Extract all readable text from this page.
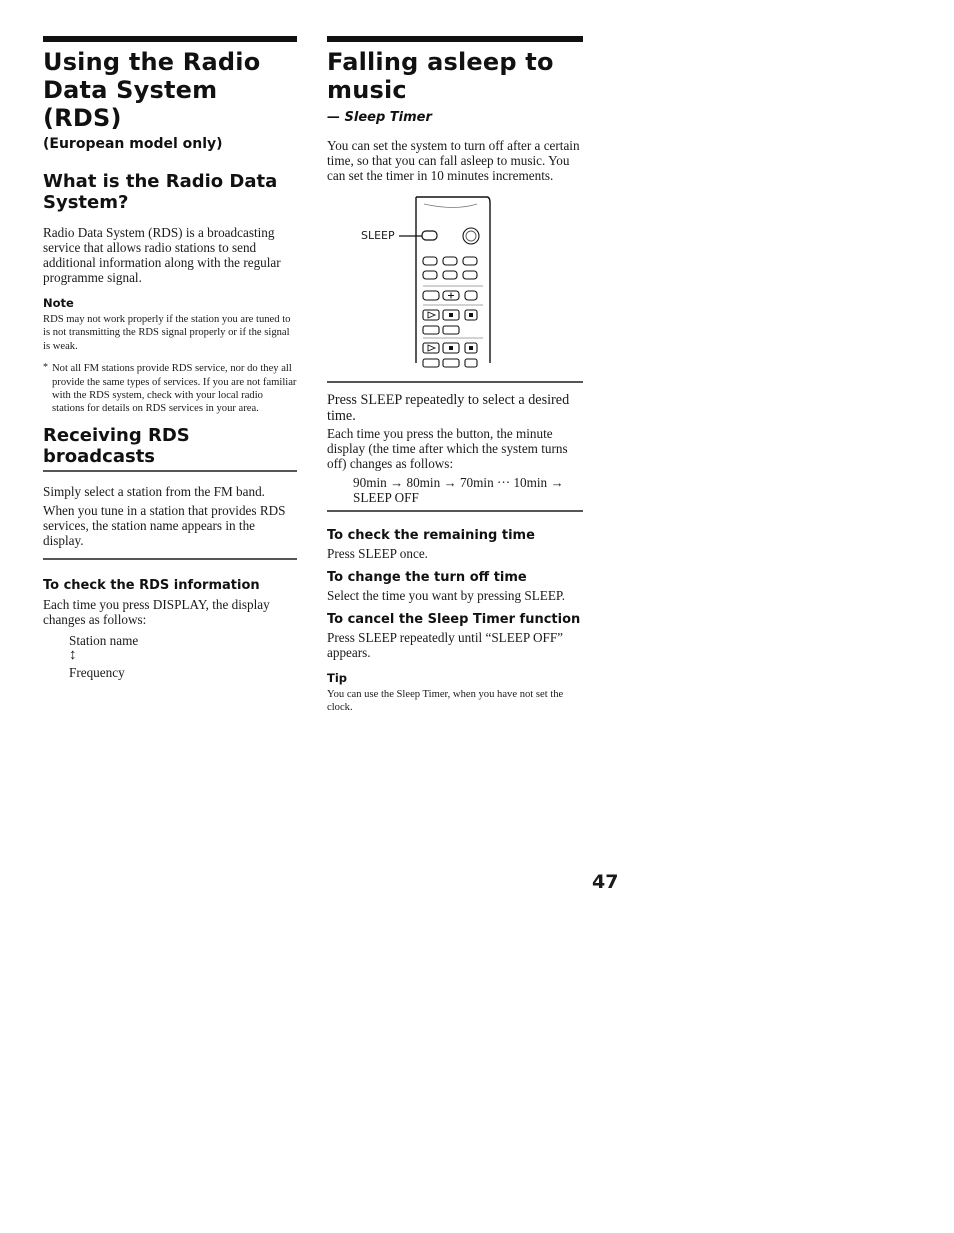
Using the Radio Data System (RDS)
(European model only)
What is the Radio Data System?

Radio Data System (RDS) is a broadcasting service that allows radio stations to send additional information along with the regular programme signal.

Note

RDS may not work properly if the station you are tuned to is not transmitting the RDS signal properly or if the signal is weak.

* Not all FM stations provide RDS service, nor do they all provide the same types of services. If you are not familiar with the RDS system, check with your local radio stations for details on RDS services in your area.

Receiving RDS broadcasts

Simply select a station from the FM band.

When you tune in a station that provides RDS services, the station name appears in the display.

To check the RDS information

Each time you press DISPLAY, the display changes as follows:

Station name
↕
Frequency
Falling asleep to music
— Sleep Timer

You can set the system to turn off after a certain time, so that you can fall asleep to music. You can set the timer in 10 minutes increments.

SLEEP

Press SLEEP repeatedly to select a desired time.

Each time you press the button, the minute display (the time after which the system turns off) changes as follows:

90min → 80min → 70min ··· 10min →
SLEEP OFF
To check the remaining time

Press SLEEP once.

To change the turn off time

Select the time you want by pressing SLEEP.

To cancel the Sleep Timer function

Press SLEEP repeatedly until “SLEEP OFF” appears.

Tip

You can use the Sleep Timer, when you have not set the clock.

47
